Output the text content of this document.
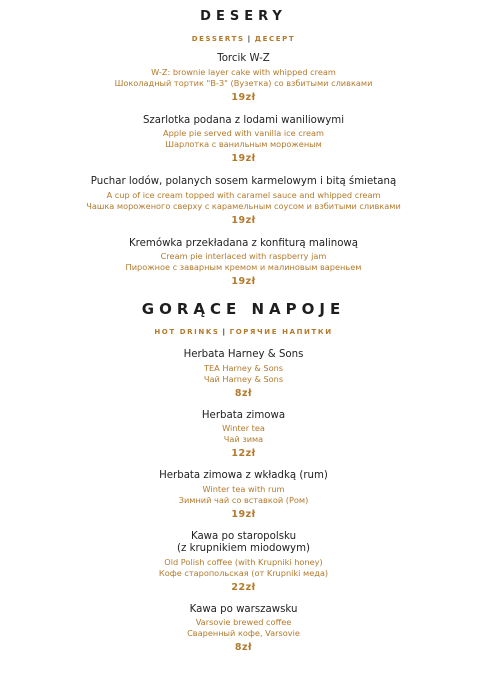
DESERY
DESSERTS | ДЕСЕРТ
Torcik W-Z
W-Z: brownie layer cake with whipped cream
Шоколадный тортик "В-З" (Вузетка) со взбитыми сливками
19zł
Szarlotka podana z lodami waniliowymi
Apple pie served with vanilla ice cream
Шарлотка с ванильным мороженым
19zł
Puchar lodów, polanych sosem karmelowym i bitą śmietaną
A cup of ice cream topped with caramel sauce and whipped cream
Чашка мороженого сверху с карамельным соусом и взбитыми сливками
19zł
Kremówka przekładana z konfiturą malinową
Cream pie interlaced with raspberry jam
Пирожное с заварным кремом и малиновым вареньем
19zł
GORĄCE NAPOJE
HOT DRINKS | ГОРЯЧИЕ НАПИТКИ
Herbata Harney & Sons
TEA Harney & Sons
Чай Harney & Sons
8zł
Herbata zimowa
Winter tea
Чай зима
12zł
Herbata zimowa z wkładką (rum)
Winter tea with rum
Зимний чай со вставкой (Ром)
19zł
Kawa po staropolsku
(z krupnikiem miodowym)
Old Polish coffee (with Krupniki honey)
Кофе старопольская (от Krupniki меда)
22zł
Kawa po warszawsku
Varsovie brewed coffee
Сваренный кофе, Varsovie
8zł
